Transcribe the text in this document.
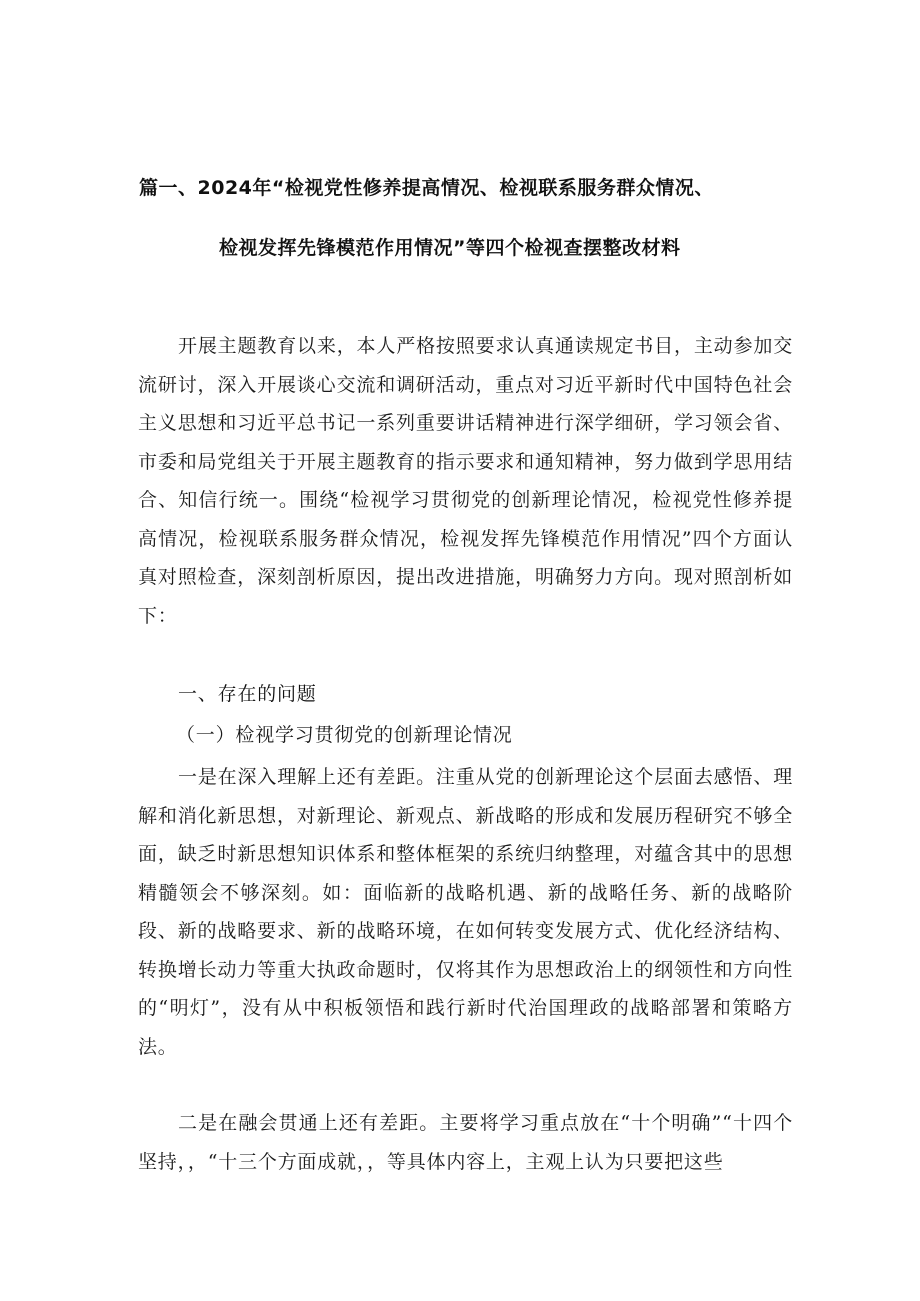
篇一、2024年“检视党性修养提高情况、检视联系服务群众情况、
检视发挥先锋模范作用情况”等四个检视查摆整改材料

开展主题教育以来，本人严格按照要求认真通读规定书目，主动参加交流研讨，深入开展谈心交流和调研活动，重点对习近平新时代中国特色社会主义思想和习近平总书记一系列重要讲话精神进行深学细研，学习领会省、市委和局党组关于开展主题教育的指示要求和通知精神，努力做到学思用结合、知信行统一。围绕“检视学习贯彻党的创新理论情况，检视党性修养提高情况，检视联系服务群众情况，检视发挥先锋模范作用情况”四个方面认真对照检查，深刻剖析原因，提出改进措施，明确努力方向。现对照剖析如下：

一、存在的问题
（一）检视学习贯彻党的创新理论情况

一是在深入理解上还有差距。注重从党的创新理论这个层面去感悟、理解和消化新思想，对新理论、新观点、新战略的形成和发展历程研究不够全面，缺乏时新思想知识体系和整体框架的系统归纳整理，对蕴含其中的思想精髓领会不够深刻。如：面临新的战略机遇、新的战略任务、新的战略阶段、新的战略要求、新的战略环境，在如何转变发展方式、优化经济结构、转换增长动力等重大执政命题时，仅将其作为思想政治上的纲领性和方向性的“明灯”，没有从中积板领悟和践行新时代治国理政的战略部署和策略方法。

二是在融会贯通上还有差距。主要将学习重点放在“十个明确”“十四个坚持，，“十三个方面成就，，等具体内容上，主观上认为只要把这些
